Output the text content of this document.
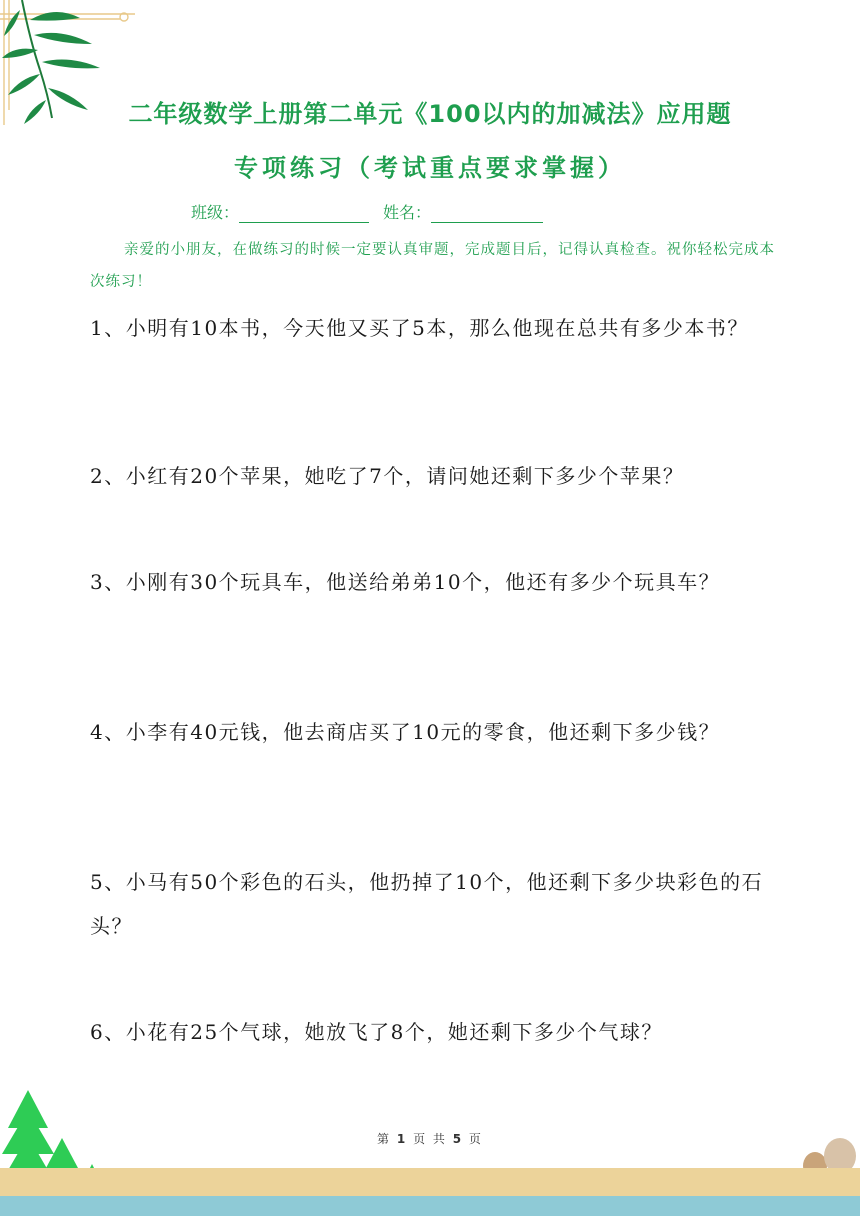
二年级数学上册第二单元《100以内的加减法》应用题
专项练习（考试重点要求掌握）
班级：	姓名：
亲爱的小朋友，在做练习的时候一定要认真审题，完成题目后，记得认真检查。祝你轻松完成本次练习！
1、小明有10本书，今天他又买了5本，那么他现在总共有多少本书？
2、小红有20个苹果，她吃了7个，请问她还剩下多少个苹果？
3、小刚有30个玩具车，他送给弟弟10个，他还有多少个玩具车？
4、小李有40元钱，他去商店买了10元的零食，他还剩下多少钱？
5、小马有50个彩色的石头，他扔掉了10个，他还剩下多少块彩色的石头？
6、小花有25个气球，她放飞了8个，她还剩下多少个气球？
第 1 页 共 5 页
